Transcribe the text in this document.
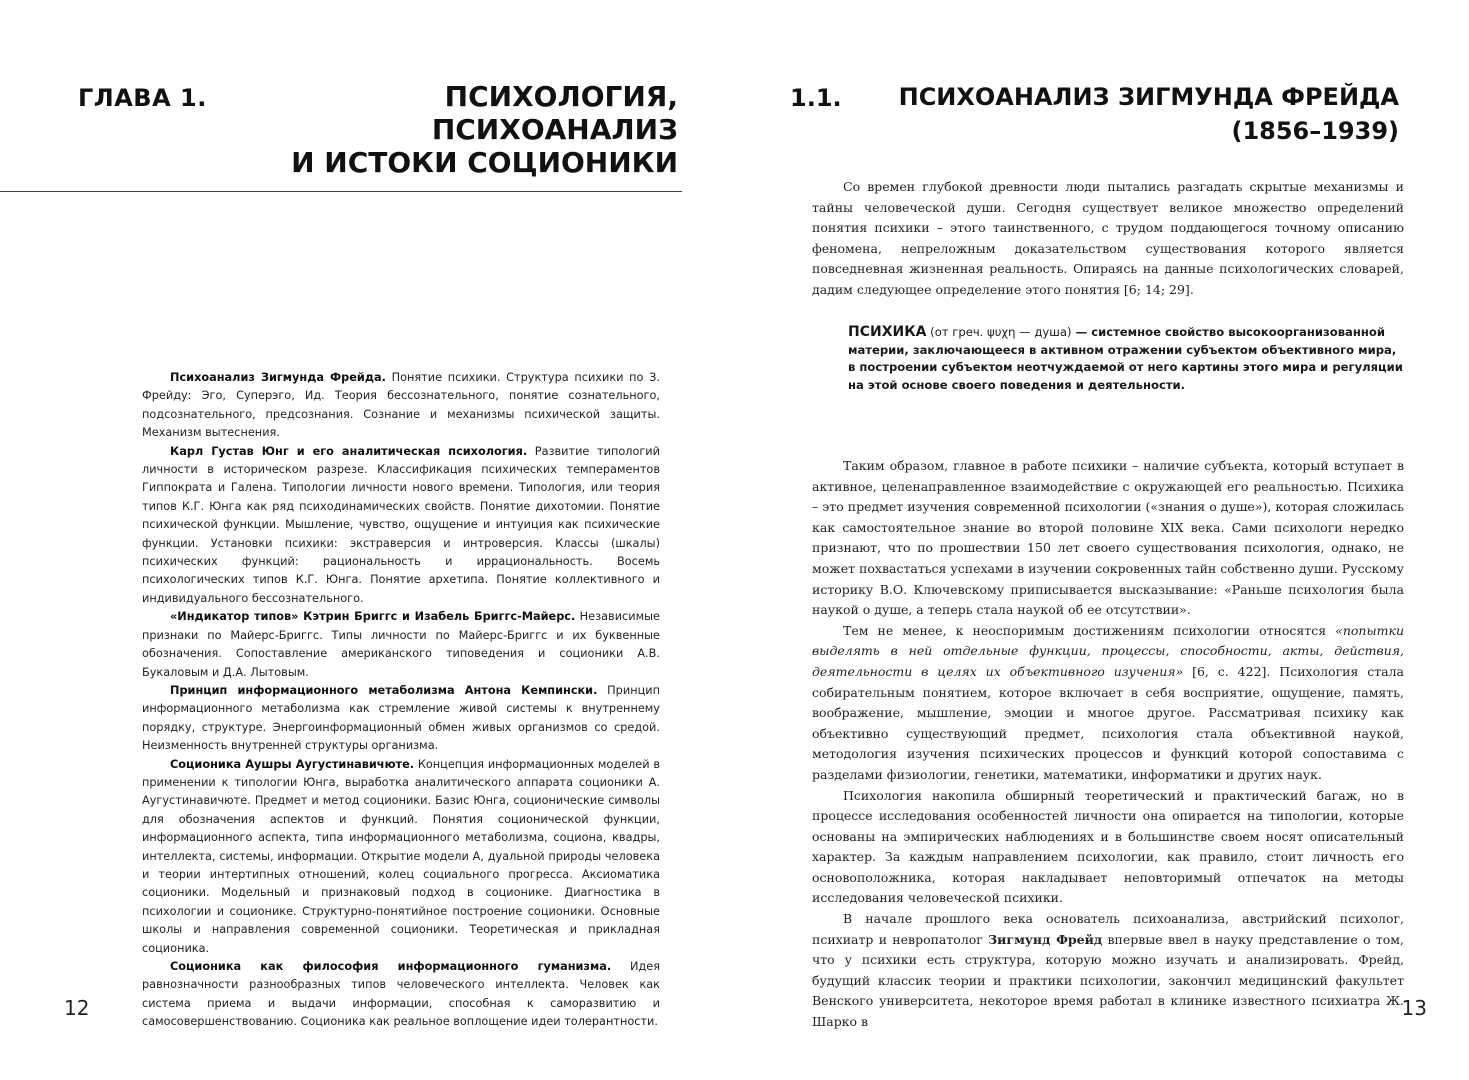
ГЛАВА 1.	ПСИХОЛОГИЯ,
ПСИХОАНАЛИЗ
И ИСТОКИ СОЦИОНИКИ

Психоанализ Зигмунда Фрейда. Понятие психики. Структура психики по З. Фрейду: Эго, Суперэго, Ид. Теория бессознательного, понятие сознательного, подсознательного, предсознания. Сознание и механизмы психической защиты. Механизм вытеснения.

Карл Густав Юнг и его аналитическая психология. Развитие типологий личности в историческом разрезе. Классификация психических темпераментов Гиппократа и Галена. Типологии личности нового времени. Типология, или теория типов К.Г. Юнга как ряд психодинамических свойств. Понятие дихотомии. Понятие психической функции. Мышление, чувство, ощущение и интуиция как психические функции. Установки психики: экстраверсия и интроверсия. Классы (шкалы) психических функций: рациональность и иррациональность. Восемь психологических типов К.Г. Юнга. Понятие архетипа. Понятие коллективного и индивидуального бессознательного.

«Индикатор типов» Кэтрин Бриггс и Изабель Бриггс-Майерс. Независимые признаки по Майерс-Бриггс. Типы личности по Майерс-Бриггс и их буквенные обозначения. Сопоставление американского типоведения и соционики А.В. Букаловым и Д.А. Лытовым.

Принцип информационного метаболизма Антона Кемпински. Принцип информационного метаболизма как стремление живой системы к внутреннему порядку, структуре. Энергоинформационный обмен живых организмов со средой. Неизменность внутренней структуры организма.

Соционика Аушры Аугустинавичюте. Концепция информационных моделей в применении к типологии Юнга, выработка аналитического аппарата соционики А. Аугустинавичюте. Предмет и метод соционики. Базис Юнга, соционические символы для обозначения аспектов и функций. Понятия соционической функции, информационного аспекта, типа информационного метаболизма, социона, квадры, интеллекта, системы, информации. Открытие модели А, дуальной природы человека и теории интертипных отношений, колец социального прогресса. Аксиоматика соционики. Модельный и признаковый подход в соционике. Диагностика в психологии и соционике. Структурно-понятийное построение соционики. Основные школы и направления современной соционики. Теоретическая и прикладная соционика.

Соционика как философия информационного гуманизма. Идея равнозначности разнообразных типов человеческого интеллекта. Человек как система приема и выдачи информации, способная к саморазвитию и самосовершенствованию. Соционика как реальное воплощение идеи толерантности.

12
1.1.	ПСИХОАНАЛИЗ ЗИГМУНДА ФРЕЙДА
(1856–1939)

Со времен глубокой древности люди пытались разгадать скрытые механизмы и тайны человеческой души. Сегодня существует великое множество определений понятия психики – этого таинственного, с трудом поддающегося точному описанию феномена, непреложным доказательством существования которого является повседневная жизненная реальность. Опираясь на данные психологических словарей, дадим следующее определение этого понятия [6; 14; 29].

ПСИХИКА (от греч. ψυχη — душа) — системное свойство высокоорганизованной материи, заключающееся в активном отражении субъектом объективного мира, в построении субъектом неотчуждаемой от него картины этого мира и регуляции на этой основе своего поведения и деятельности.

Таким образом, главное в работе психики – наличие субъекта, который вступает в активное, целенаправленное взаимодействие с окружающей его реальностью. Психика – это предмет изучения современной психологии («знания о душе»), которая сложилась как самостоятельное знание во второй половине XIX века. Сами психологи нередко признают, что по прошествии 150 лет своего существования психология, однако, не может похвастаться успехами в изучении сокровенных тайн собственно души. Русскому историку В.О. Ключевскому приписывается высказывание: «Раньше психология была наукой о душе, а теперь стала наукой об ее отсутствии».

Тем не менее, к неоспоримым достижениям психологии относятся «попытки выделять в ней отдельные функции, процессы, способности, акты, действия, деятельности в целях их объективного изучения» [6, с. 422]. Психология стала собирательным понятием, которое включает в себя восприятие, ощущение, память, воображение, мышление, эмоции и многое другое. Рассматривая психику как объективно существующий предмет, психология стала объективной наукой, методология изучения психических процессов и функций которой сопоставима с разделами физиологии, генетики, математики, информатики и других наук.

Психология накопила обширный теоретический и практический багаж, но в процессе исследования особенностей личности она опирается на типологии, которые основаны на эмпирических наблюдениях и в большинстве своем носят описательный характер. За каждым направлением психологии, как правило, стоит личность его основоположника, которая накладывает неповторимый отпечаток на методы исследования человеческой психики.

В начале прошлого века основатель психоанализа, австрийский психолог, психиатр и невропатолог Зигмунд Фрейд впервые ввел в науку представление о том, что у психики есть структура, которую можно изучать и анализировать. Фрейд, будущий классик теории и практики психологии, закончил медицинский факультет Венского университета, некоторое время работал в клинике известного психиатра Ж. Шарко в

13
